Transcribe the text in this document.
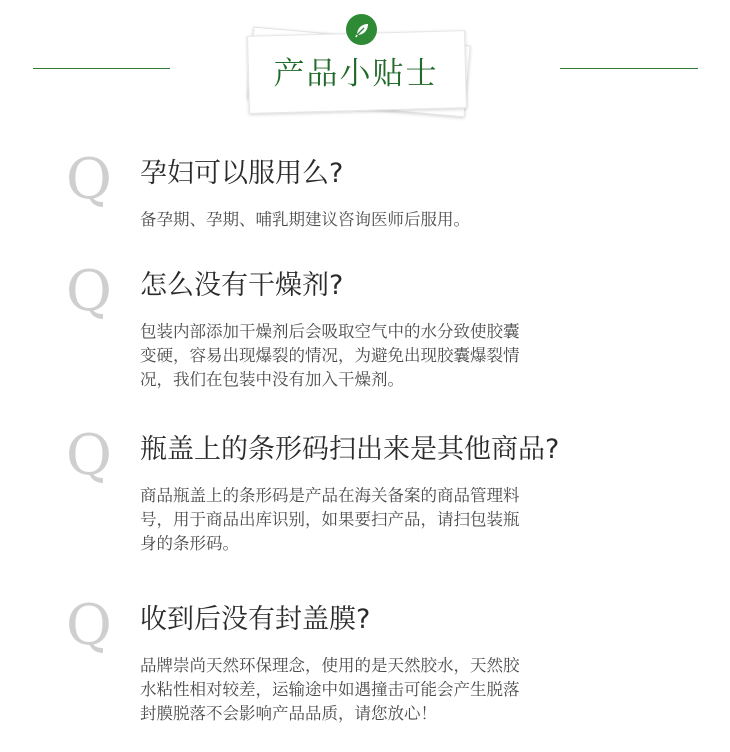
产品小贴士
Q 孕妇可以服用么?
备孕期、孕期、哺乳期建议咨询医师后服用。
Q 怎么没有干燥剂?
包装内部添加干燥剂后会吸取空气中的水分致使胶囊
变硬，容易出现爆裂的情况，为避免出现胶囊爆裂情
况，我们在包装中没有加入干燥剂。
Q 瓶盖上的条形码扫出来是其他商品?
商品瓶盖上的条形码是产品在海关备案的商品管理料
号，用于商品出库识别，如果要扫产品，请扫包装瓶
身的条形码。
Q 收到后没有封盖膜?
品牌崇尚天然环保理念，使用的是天然胶水，天然胶
水粘性相对较差，运输途中如遇撞击可能会产生脱落
封膜脱落不会影响产品品质，请您放心！
